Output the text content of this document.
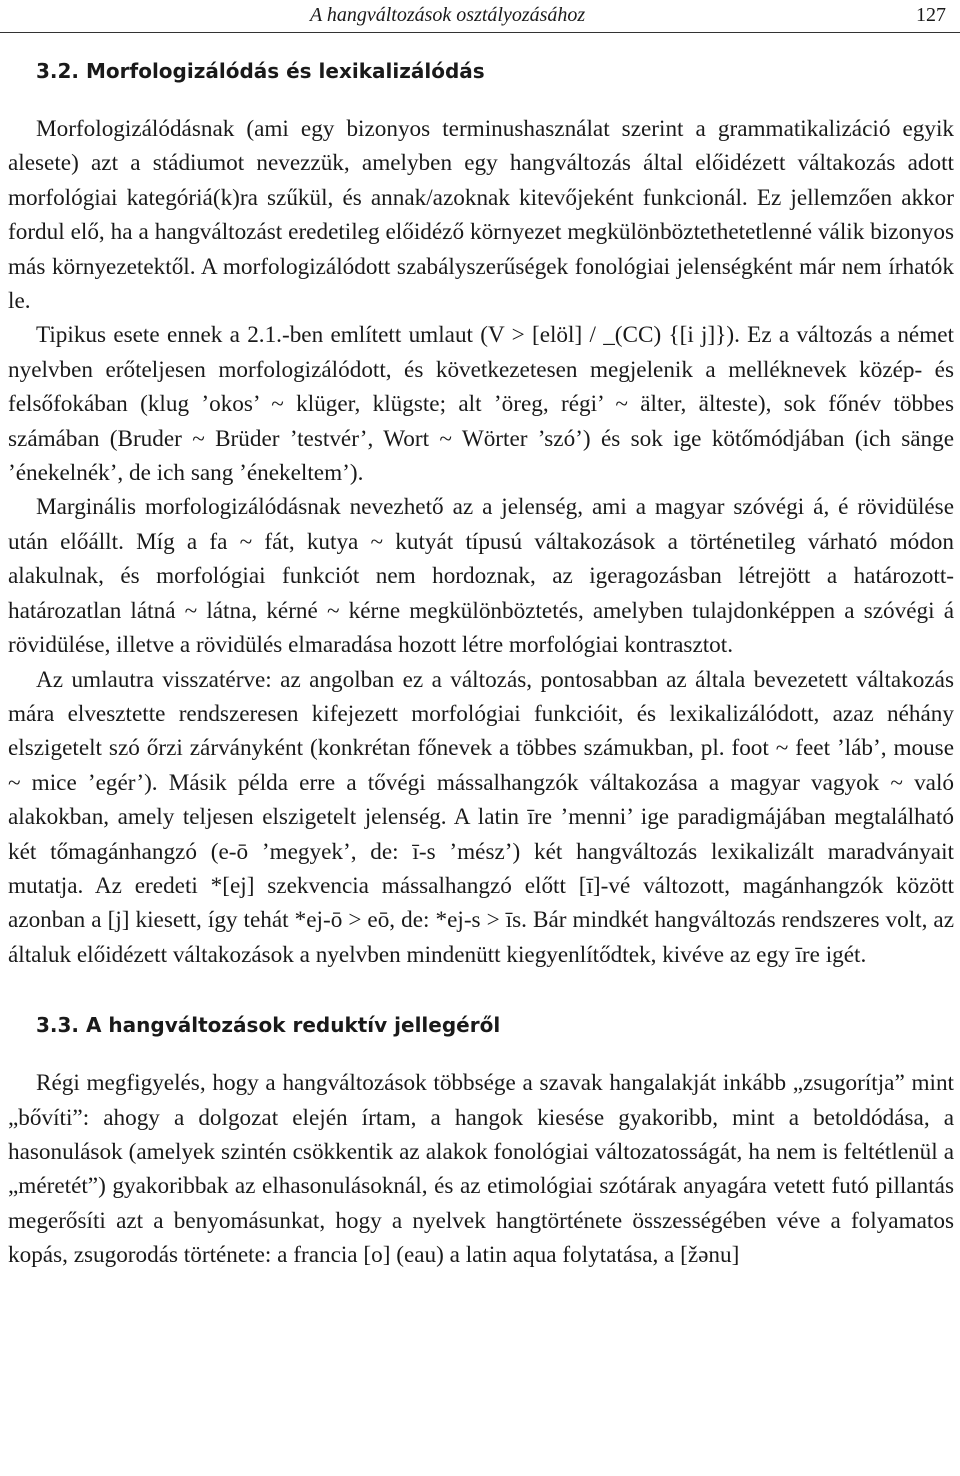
A hangváltozások osztályozásához	127
3.2. Morfologizálódás és lexikalizálódás

Morfologizálódásnak (ami egy bizonyos terminushasználat szerint a grammatikalizáció egyik alesete) azt a stádiumot nevezzük, amelyben egy hangváltozás által előidézett váltakozás adott morfológiai kategóriá(k)ra szűkül, és annak/azoknak kitevőjeként funkcionál. Ez jellemzően akkor fordul elő, ha a hangváltozást eredetileg előidéző környezet megkülönböztethetetlenné válik bizonyos más környezetektől. A morfologizálódott szabályszerűségek fonológiai jelenségként már nem írhatók le.

Tipikus esete ennek a 2.1.-ben említett umlaut (V > [elöl] / _(CC) {[i j]}). Ez a változás a német nyelvben erőteljesen morfologizálódott, és következetesen megjelenik a melléknevek közép- és felsőfokában (klug ’okos’ ~ klüger, klügste; alt ’öreg, régi’ ~ älter, älteste), sok főnév többes számában (Bruder ~ Brüder ’testvér’, Wort ~ Wörter ’szó’) és sok ige kötőmódjában (ich sänge ’énekelnék’, de ich sang ’énekeltem’).

Marginális morfologizálódásnak nevezhető az a jelenség, ami a magyar szóvégi á, é rövidülése után előállt. Míg a fa ~ fát, kutya ~ kutyát típusú váltakozások a történetileg várható módon alakulnak, és morfológiai funkciót nem hordoznak, az igeragozásban létrejött a határozott-határozatlan látná ~ látna, kérné ~ kérne megkülönböztetés, amelyben tulajdonképpen a szóvégi á rövidülése, illetve a rövidülés elmaradása hozott létre morfológiai kontrasztot.

Az umlautra visszatérve: az angolban ez a változás, pontosabban az általa bevezetett váltakozás mára elvesztette rendszeresen kifejezett morfológiai funkcióit, és lexikalizálódott, azaz néhány elszigetelt szó őrzi zárványként (konkrétan főnevek a többes számukban, pl. foot ~ feet ’láb’, mouse ~ mice ’egér’). Másik példa erre a tővégi mássalhangzók váltakozása a magyar vagyok ~ való alakokban, amely teljesen elszigetelt jelenség. A latin īre ’menni’ ige paradigmájában megtalálható két tőmagánhangzó (e-ō ’megyek’, de: ī-s ’mész’) két hangváltozás lexikalizált maradványait mutatja. Az eredeti *[ej] szekvencia mássalhangzó előtt [ī]-vé változott, magánhangzók között azonban a [j] kiesett, így tehát *ej-ō > eō, de: *ej-s > īs. Bár mindkét hangváltozás rendszeres volt, az általuk előidézett váltakozások a nyelvben mindenütt kiegyenlítődtek, kivéve az egy īre igét.

3.3. A hangváltozások reduktív jellegéről

Régi megfigyelés, hogy a hangváltozások többsége a szavak hangalakját inkább „zsugorítja” mint „bővíti”: ahogy a dolgozat elején írtam, a hangok kiesése gyakoribb, mint a betoldódása, a hasonulások (amelyek szintén csökkentik az alakok fonológiai változatosságát, ha nem is feltétlenül a „méretét”) gyakoribbak az elhasonulásoknál, és az etimológiai szótárak anyagára vetett futó pillantás megerősíti azt a benyomásunkat, hogy a nyelvek hangtörténete összességében véve a folyamatos kopás, zsugorodás története: a francia [o] (eau) a latin aqua folytatása, a [žənu]
